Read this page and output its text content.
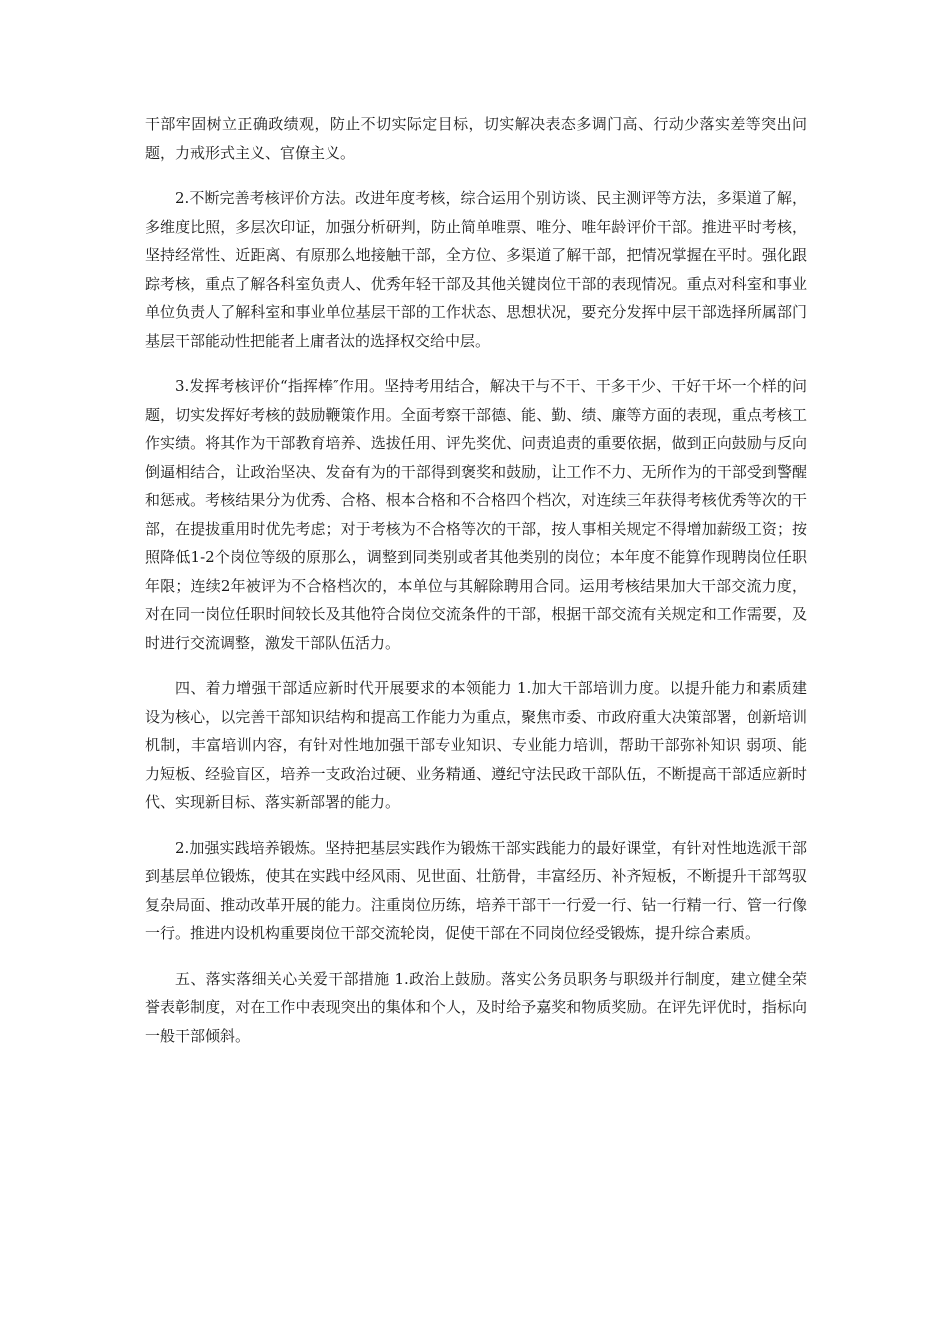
干部牢固树立正确政绩观，防止不切实际定目标，切实解决表态多调门高、行动少落实差等突出问题，力戒形式主义、官僚主义。

2.不断完善考核评价方法。改进年度考核，综合运用个别访谈、民主测评等方法，多渠道了解，多维度比照，多层次印证，加强分析研判，防止简单唯票、唯分、唯年龄评价干部。推进平时考核，坚持经常性、近距离、有原那么地接触干部，全方位、多渠道了解干部，把情况掌握在平时。强化跟踪考核，重点了解各科室负责人、优秀年轻干部及其他关键岗位干部的表现情况。重点对科室和事业单位负责人了解科室和事业单位基层干部的工作状态、思想状况，要充分发挥中层干部选择所属部门基层干部能动性把能者上庸者汰的选择权交给中层。

3.发挥考核评价“指挥棒″作用。坚持考用结合，解决干与不干、干多干少、干好干坏一个样的问题，切实发挥好考核的鼓励鞭策作用。全面考察干部德、能、勤、绩、廉等方面的表现，重点考核工作实绩。将其作为干部教育培养、选拔任用、评先奖优、问责追责的重要依据，做到正向鼓励与反向倒逼相结合，让政治坚决、发奋有为的干部得到褒奖和鼓励，让工作不力、无所作为的干部受到警醒和惩戒。考核结果分为优秀、合格、根本合格和不合格四个档次，对连续三年获得考核优秀等次的干部，在提拔重用时优先考虑；对于考核为不合格等次的干部，按人事相关规定不得增加薪级工资；按照降低1-2个岗位等级的原那么，调整到同类别或者其他类别的岗位；本年度不能算作现聘岗位任职年限；连续2年被评为不合格档次的，本单位与其解除聘用合同。运用考核结果加大干部交流力度，对在同一岗位任职时间较长及其他符合岗位交流条件的干部，根据干部交流有关规定和工作需要，及时进行交流调整，激发干部队伍活力。

四、着力增强干部适应新时代开展要求的本领能力 1.加大干部培训力度。以提升能力和素质建设为核心，以完善干部知识结构和提高工作能力为重点，聚焦市委、市政府重大决策部署，创新培训机制，丰富培训内容，有针对性地加强干部专业知识、专业能力培训，帮助干部弥补知识 弱项、能力短板、经验盲区，培养一支政治过硬、业务精通、遵纪守法民政干部队伍，不断提高干部适应新时代、实现新目标、落实新部署的能力。

2.加强实践培养锻炼。坚持把基层实践作为锻炼干部实践能力的最好课堂，有针对性地选派干部到基层单位锻炼，使其在实践中经风雨、见世面、壮筋骨，丰富经历、补齐短板，不断提升干部驾驭复杂局面、推动改革开展的能力。注重岗位历练，培养干部干一行爱一行、钻一行精一行、管一行像一行。推进内设机构重要岗位干部交流轮岗，促使干部在不同岗位经受锻炼，提升综合素质。

五、落实落细关心关爱干部措施 1.政治上鼓励。落实公务员职务与职级并行制度，建立健全荣誉表彰制度，对在工作中表现突出的集体和个人，及时给予嘉奖和物质奖励。在评先评优时，指标向一般干部倾斜。
